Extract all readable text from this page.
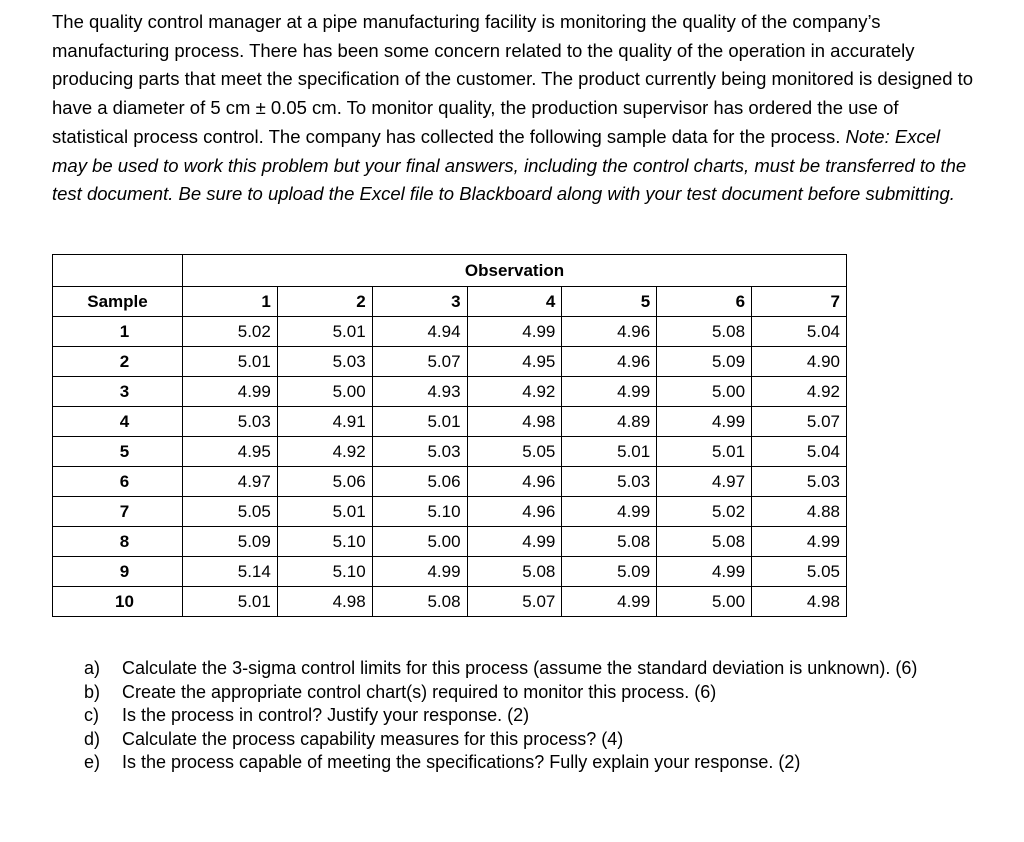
The quality control manager at a pipe manufacturing facility is monitoring the quality of the company’s manufacturing process. There has been some concern related to the quality of the operation in accurately producing parts that meet the specification of the customer. The product currently being monitored is designed to have a diameter of 5 cm ± 0.05 cm. To monitor quality, the production supervisor has ordered the use of statistical process control. The company has collected the following sample data for the process. Note: Excel may be used to work this problem but your final answers, including the control charts, must be transferred to the test document. Be sure to upload the Excel file to Blackboard along with your test document before submitting.

	Observation						
Sample	1	2	3	4	5	6	7
1	5.02	5.01	4.94	4.99	4.96	5.08	5.04
2	5.01	5.03	5.07	4.95	4.96	5.09	4.90
3	4.99	5.00	4.93	4.92	4.99	5.00	4.92
4	5.03	4.91	5.01	4.98	4.89	4.99	5.07
5	4.95	4.92	5.03	5.05	5.01	5.01	5.04
6	4.97	5.06	5.06	4.96	5.03	4.97	5.03
7	5.05	5.01	5.10	4.96	4.99	5.02	4.88
8	5.09	5.10	5.00	4.99	5.08	5.08	4.99
9	5.14	5.10	4.99	5.08	5.09	4.99	5.05
10	5.01	4.98	5.08	5.07	4.99	5.00	4.98
a)	Calculate the 3-sigma control limits for this process (assume the standard deviation is unknown). (6)
b)	Create the appropriate control chart(s) required to monitor this process. (6)
c)	Is the process in control? Justify your response. (2)
d)	Calculate the process capability measures for this process? (4)
e)	Is the process capable of meeting the specifications? Fully explain your response. (2)
